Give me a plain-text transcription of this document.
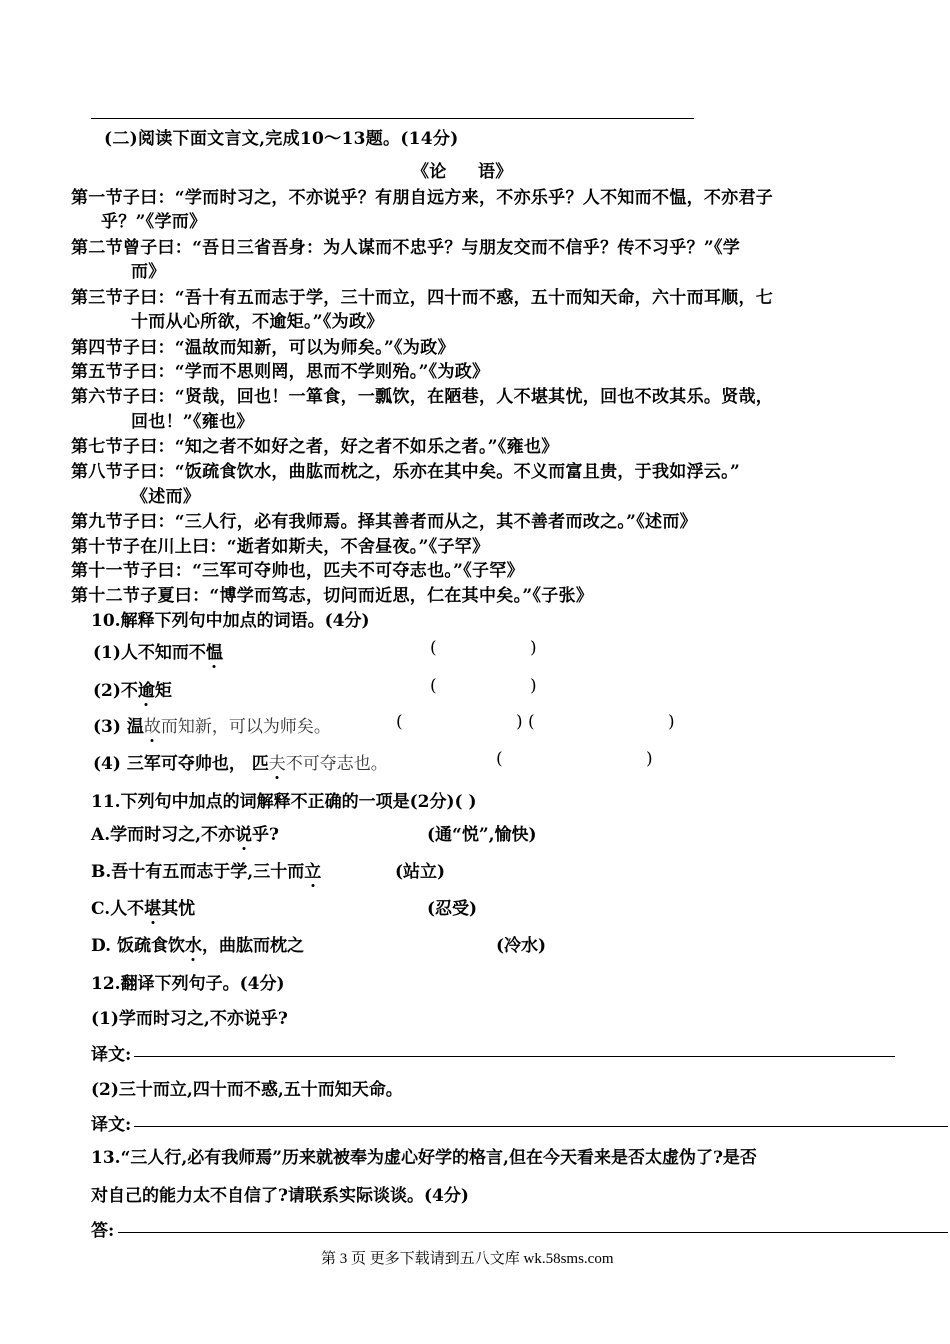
(二)阅读下面文言文,完成10～13题。(14分)
《论 语》
第一节子曰：“学而时习之，不亦说乎？有朋自远方来，不亦乐乎？人不知而不愠，不亦君子
乎？”《学而》
第二节曾子曰：“吾日三省吾身：为人谋而不忠乎？与朋友交而不信乎？传不习乎？”《学
而》
第三节子曰：“吾十有五而志于学，三十而立，四十而不惑，五十而知天命，六十而耳顺，七
十而从心所欲，不逾矩。”《为政》
第四节子曰：“温故而知新，可以为师矣。”《为政》
第五节子曰：“学而不思则罔，思而不学则殆。”《为政》
第六节子曰：“贤哉，回也！一箪食，一瓢饮，在陋巷，人不堪其忧，回也不改其乐。贤哉，
回也！”《雍也》
第七节子曰：“知之者不如好之者，好之者不如乐之者。”《雍也》
第八节子曰：“饭疏食饮水，曲肱而枕之，乐亦在其中矣。不义而富且贵，于我如浮云。”
《述而》
第九节子曰：“三人行，必有我师焉。择其善者而从之，其不善者而改之。”《述而》
第十节子在川上曰：“逝者如斯夫，不舍昼夜。”《子罕》
第十一节子曰：“三军可夺帅也，匹夫不可夺志也。”《子罕》
第十二节子夏曰：“博学而笃志，切问而近思，仁在其中矣。”《子张》
10.解释下列句中加点的词语。(4分)
(1)人不知而不愠	(	)
(2)不逾矩	(	)
(3) 温故而知新，可以为师矣。	(	) (	)
(4) 三军可夺帅也， 匹夫不可夺志也。	(	)
11.下列句中加点的词解释不正确的一项是(2分)( )
A.学而时习之,不亦说乎?	(通“悦”,愉快)
B.吾十有五而志于学,三十而立	(站立)
C.人不堪其忧	(忍受)
D. 饭疏食饮水，曲肱而枕之	(冷水)
12.翻译下列句子。(4分)
(1)学而时习之,不亦说乎?
译文:
(2)三十而立,四十而不惑,五十而知天命。
译文:
13.“三人行,必有我师焉”历来就被奉为虚心好学的格言,但在今天看来是否太虚伪了?是否
对自己的能力太不自信了?请联系实际谈谈。(4分)
答:
第 3 页 更多下载请到五八文库 wk.58sms.com
